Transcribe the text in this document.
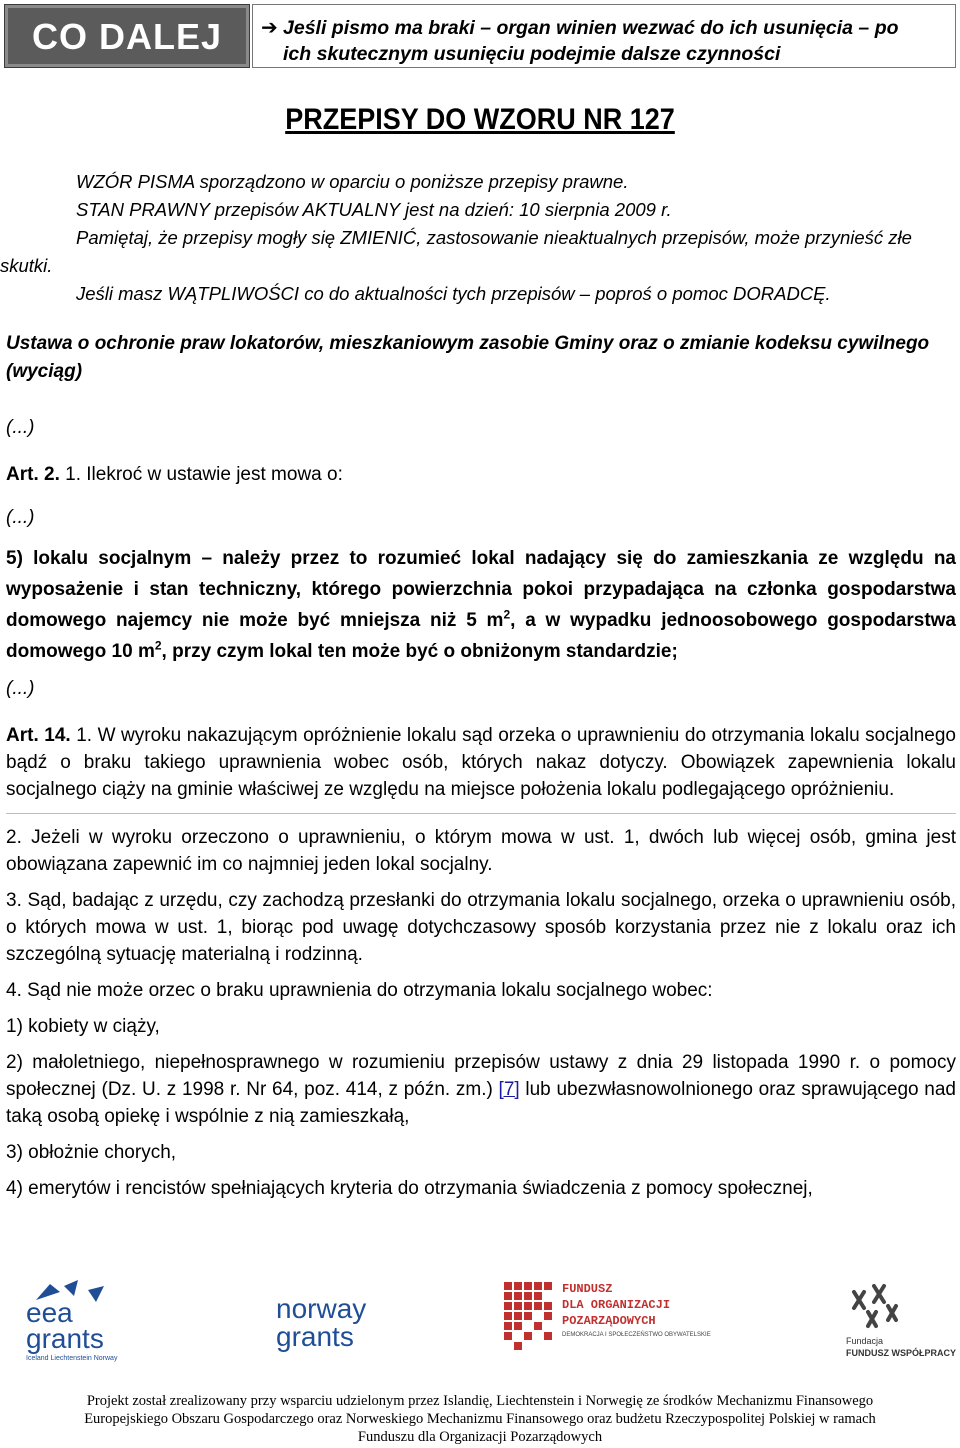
CO DALEJ	➔ Jeśli pismo ma braki – organ winien wezwać do ich usunięcia – po
ich skutecznym usunięciu podejmie dalsze czynności
PRZEPISY DO WZORU NR 127

WZÓR PISMA sporządzono w oparciu o poniższe przepisy prawne.

STAN PRAWNY przepisów AKTUALNY jest na dzień: 10 sierpnia 2009 r.

Pamiętaj, że przepisy mogły się ZMIENIĆ, zastosowanie nieaktualnych przepisów, może przynieść złe

skutki.

Jeśli masz WĄTPLIWOŚCI co do aktualności tych przepisów – poproś o pomoc DORADCĘ.

Ustawa o ochronie praw lokatorów, mieszkaniowym zasobie Gminy oraz o zmianie kodeksu cywilnego (wyciąg)

(...)

Art. 2. 1. Ilekroć w ustawie jest mowa o:

(...)

5) lokalu socjalnym – należy przez to rozumieć lokal nadający się do zamieszkania ze względu na wyposażenie i stan techniczny, którego powierzchnia pokoi przypadająca na członka gospodarstwa domowego najemcy nie może być mniejsza niż 5 $m^2$, a w wypadku jednoosobowego gospodarstwa domowego 10 $m^2$, przy czym lokal ten może być o obniżonym standardzie;

(...)

Art. 14. 1. W wyroku nakazującym opróżnienie lokalu sąd orzeka o uprawnieniu do otrzymania lokalu socjalnego bądź o braku takiego uprawnienia wobec osób, których nakaz dotyczy. Obowiązek zapewnienia lokalu socjalnego ciąży na gminie właściwej ze względu na miejsce położenia lokalu podlegającego opróżnieniu.

2. Jeżeli w wyroku orzeczono o uprawnieniu, o którym mowa w ust. 1, dwóch lub więcej osób, gmina jest obowiązana zapewnić im co najmniej jeden lokal socjalny.

3. Sąd, badając z urzędu, czy zachodzą przesłanki do otrzymania lokalu socjalnego, orzeka o uprawnieniu osób, o których mowa w ust. 1, biorąc pod uwagę dotychczasowy sposób korzystania przez nie z lokalu oraz ich szczególną sytuację materialną i rodzinną.

4. Sąd nie może orzec o braku uprawnienia do otrzymania lokalu socjalnego wobec:

1) kobiety w ciąży,

2) małoletniego, niepełnosprawnego w rozumieniu przepisów ustawy z dnia 29 listopada 1990 r. o pomocy społecznej (Dz. U. z 1998 r. Nr 64, poz. 414, z późn. zm.) [7] lub ubezwłasnowolnionego oraz sprawującego nad taką osobą opiekę i wspólnie z nią zamieszkałą,

3) obłożnie chorych,

4) emerytów i rencistów spełniających kryteria do otrzymania świadczenia z pomocy społecznej,

eea
grants
Iceland Liechtenstein Norway
norway
grants
FUNDUSZ
DLA ORGANIZACJI
POZARZĄDOWYCH
DEMOKRACJA I SPOŁECZEŃSTWO OBYWATELSKIE
Fundacja
FUNDUSZ WSPÓŁPRACY
Projekt został zrealizowany przy wsparciu udzielonym przez Islandię, Liechtenstein i Norwegię ze środków Mechanizmu Finansowego
Europejskiego Obszaru Gospodarczego oraz Norweskiego Mechanizmu Finansowego oraz budżetu Rzeczypospolitej Polskiej w ramach
Funduszu dla Organizacji Pozarządowych
